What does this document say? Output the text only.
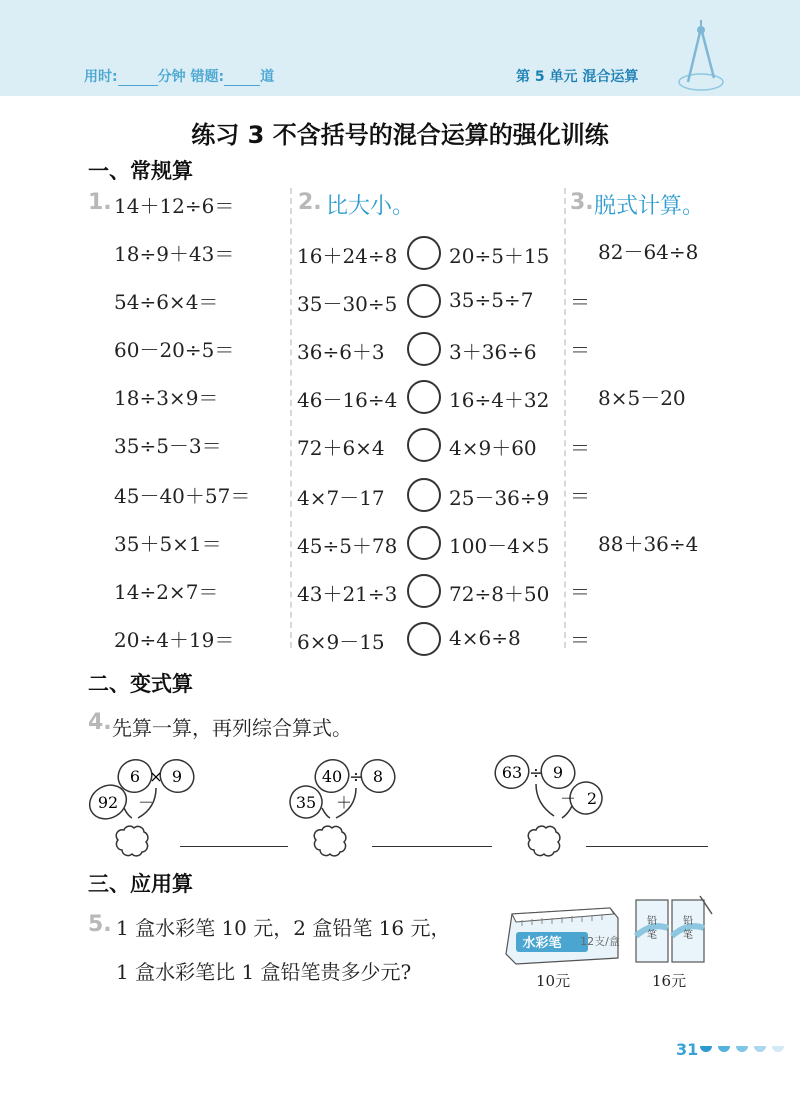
用时:	分钟 错题:	道	第 5 单元 混合运算
练习 3 不含括号的混合运算的强化训练
一、常规算
1. 14＋12÷6＝
18÷9＋43＝
54÷6×4＝
60－20÷5＝
18÷3×9＝
35÷5－3＝
45－40＋57＝
35＋5×1＝
14÷2×7＝
20÷4＋19＝
2. 比大小。
16＋24÷8	20÷5＋15
35－30÷5	35÷5÷7
36÷6＋3	3＋36÷6
46－16÷4	16÷4＋32
72＋6×4	4×9＋60
4×7－17	25－36÷9
45÷5＋78	100－4×5
43＋21÷3	72÷8＋50
6×9－15	4×6÷8
3. 脱式计算。
82－64÷8
＝
＝
8×5－20
＝
＝
88＋36÷4
＝
＝
二、变式算
4. 先算一算，再列综合算式。
6 × 9
92 －
40 ÷ 8
35 ＋
63 ÷ 9
2
－
三、应用算
5. 1 盒水彩笔 10 元，2 盒铅笔 16 元，
1 盒水彩笔比 1 盒铅笔贵多少元?
水彩笔 12支/盒
10元
铅
笔
铅
笔
16元
31
